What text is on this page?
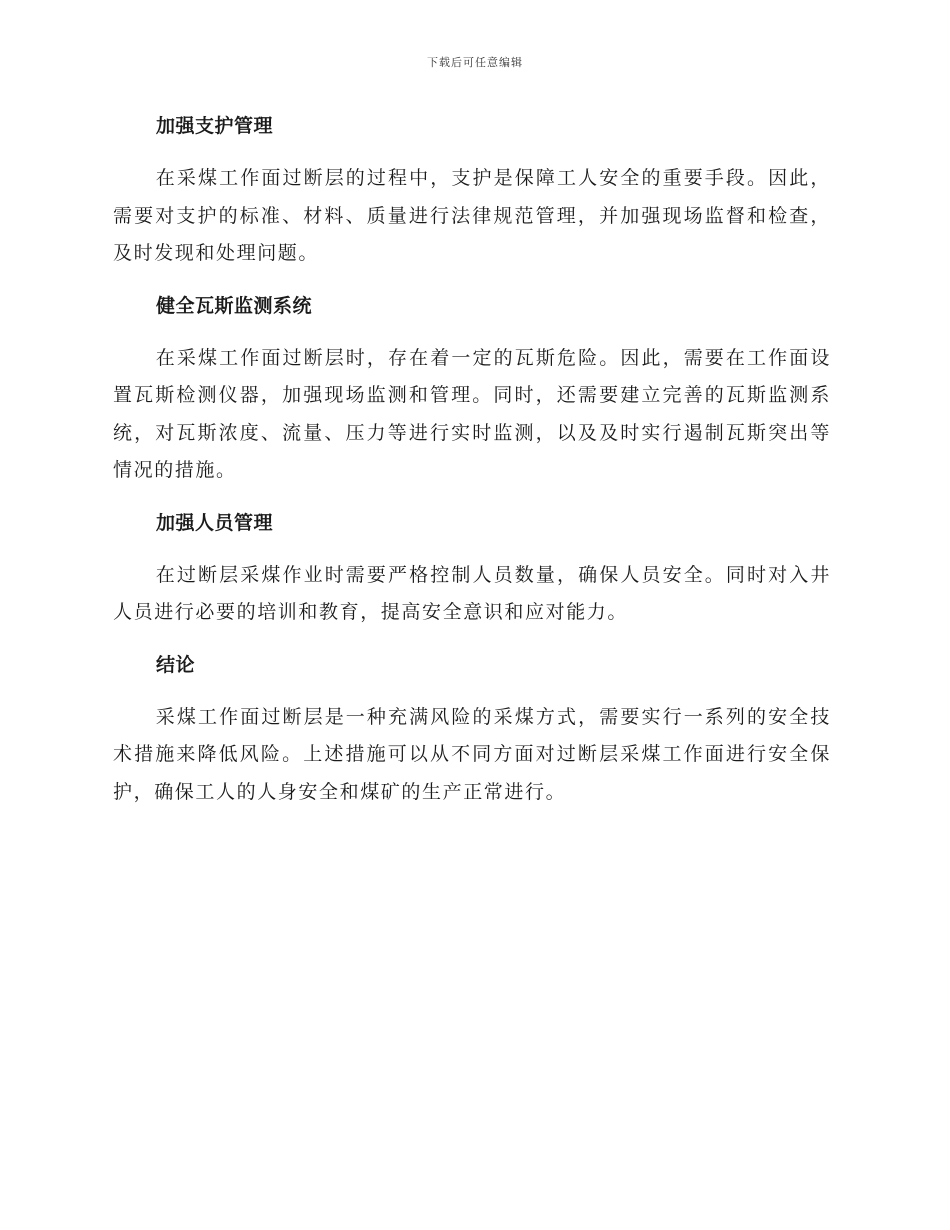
下载后可任意编辑
加强支护管理

在采煤工作面过断层的过程中，支护是保障工人安全的重要手段。因此，需要对支护的标准、材料、质量进行法律规范管理，并加强现场监督和检查，及时发现和处理问题。

健全瓦斯监测系统

在采煤工作面过断层时，存在着一定的瓦斯危险。因此，需要在工作面设置瓦斯检测仪器，加强现场监测和管理。同时，还需要建立完善的瓦斯监测系统，对瓦斯浓度、流量、压力等进行实时监测，以及及时实行遏制瓦斯突出等情况的措施。

加强人员管理

在过断层采煤作业时需要严格控制人员数量，确保人员安全。同时对入井人员进行必要的培训和教育，提高安全意识和应对能力。

结论

采煤工作面过断层是一种充满风险的采煤方式，需要实行一系列的安全技术措施来降低风险。上述措施可以从不同方面对过断层采煤工作面进行安全保护，确保工人的人身安全和煤矿的生产正常进行。
